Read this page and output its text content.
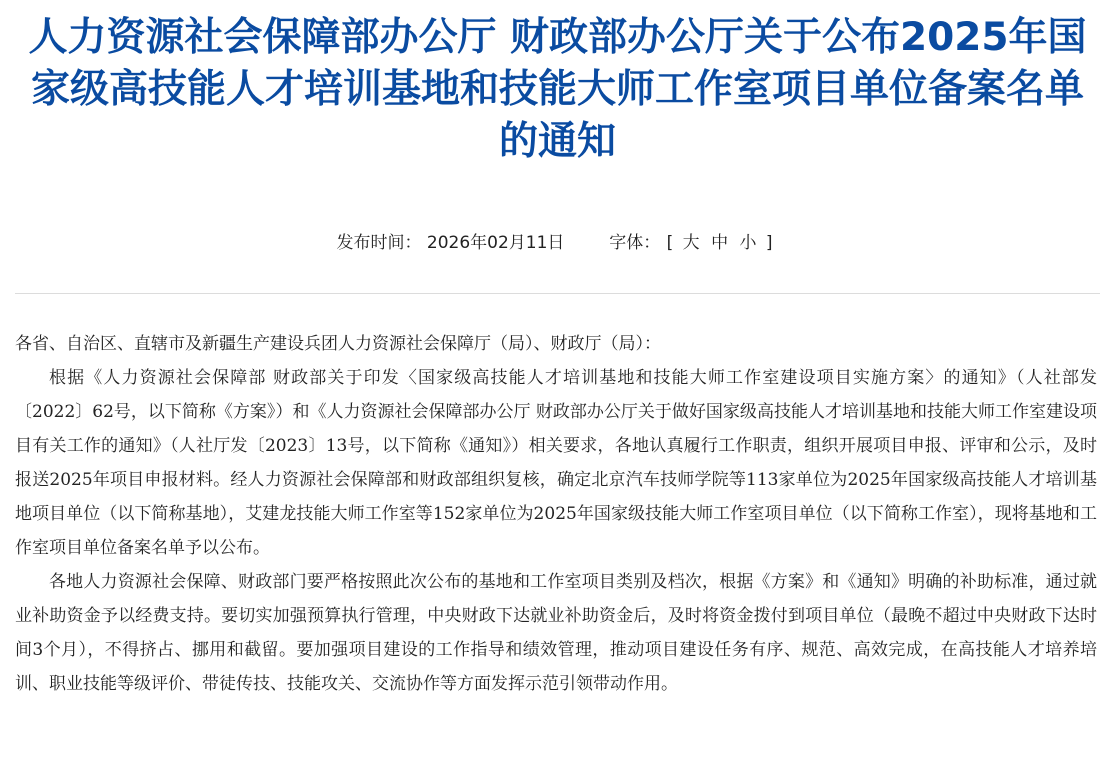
人力资源社会保障部办公厅 财政部办公厅关于公布2025年国家级高技能人才培训基地和技能大师工作室项目单位备案名单的通知
发布时间： 2026年02月11日	字体： [ 大 中 小 ]

各省、自治区、直辖市及新疆生产建设兵团人力资源社会保障厅（局）、财政厅（局）：

根据《人力资源社会保障部 财政部关于印发〈国家级高技能人才培训基地和技能大师工作室建设项目实施方案〉的通知》（人社部发〔2022〕62号，以下简称《方案》）和《人力资源社会保障部办公厅 财政部办公厅关于做好国家级高技能人才培训基地和技能大师工作室建设项目有关工作的通知》（人社厅发〔2023〕13号，以下简称《通知》）相关要求，各地认真履行工作职责，组织开展项目申报、评审和公示，及时报送2025年项目申报材料。经人力资源社会保障部和财政部组织复核，确定北京汽车技师学院等113家单位为2025年国家级高技能人才培训基地项目单位（以下简称基地），艾建龙技能大师工作室等152家单位为2025年国家级技能大师工作室项目单位（以下简称工作室），现将基地和工作室项目单位备案名单予以公布。

各地人力资源社会保障、财政部门要严格按照此次公布的基地和工作室项目类别及档次，根据《方案》和《通知》明确的补助标准，通过就业补助资金予以经费支持。要切实加强预算执行管理，中央财政下达就业补助资金后，及时将资金拨付到项目单位（最晚不超过中央财政下达时间3个月），不得挤占、挪用和截留。要加强项目建设的工作指导和绩效管理，推动项目建设任务有序、规范、高效完成，在高技能人才培养培训、职业技能等级评价、带徒传技、技能攻关、交流协作等方面发挥示范引领带动作用。
